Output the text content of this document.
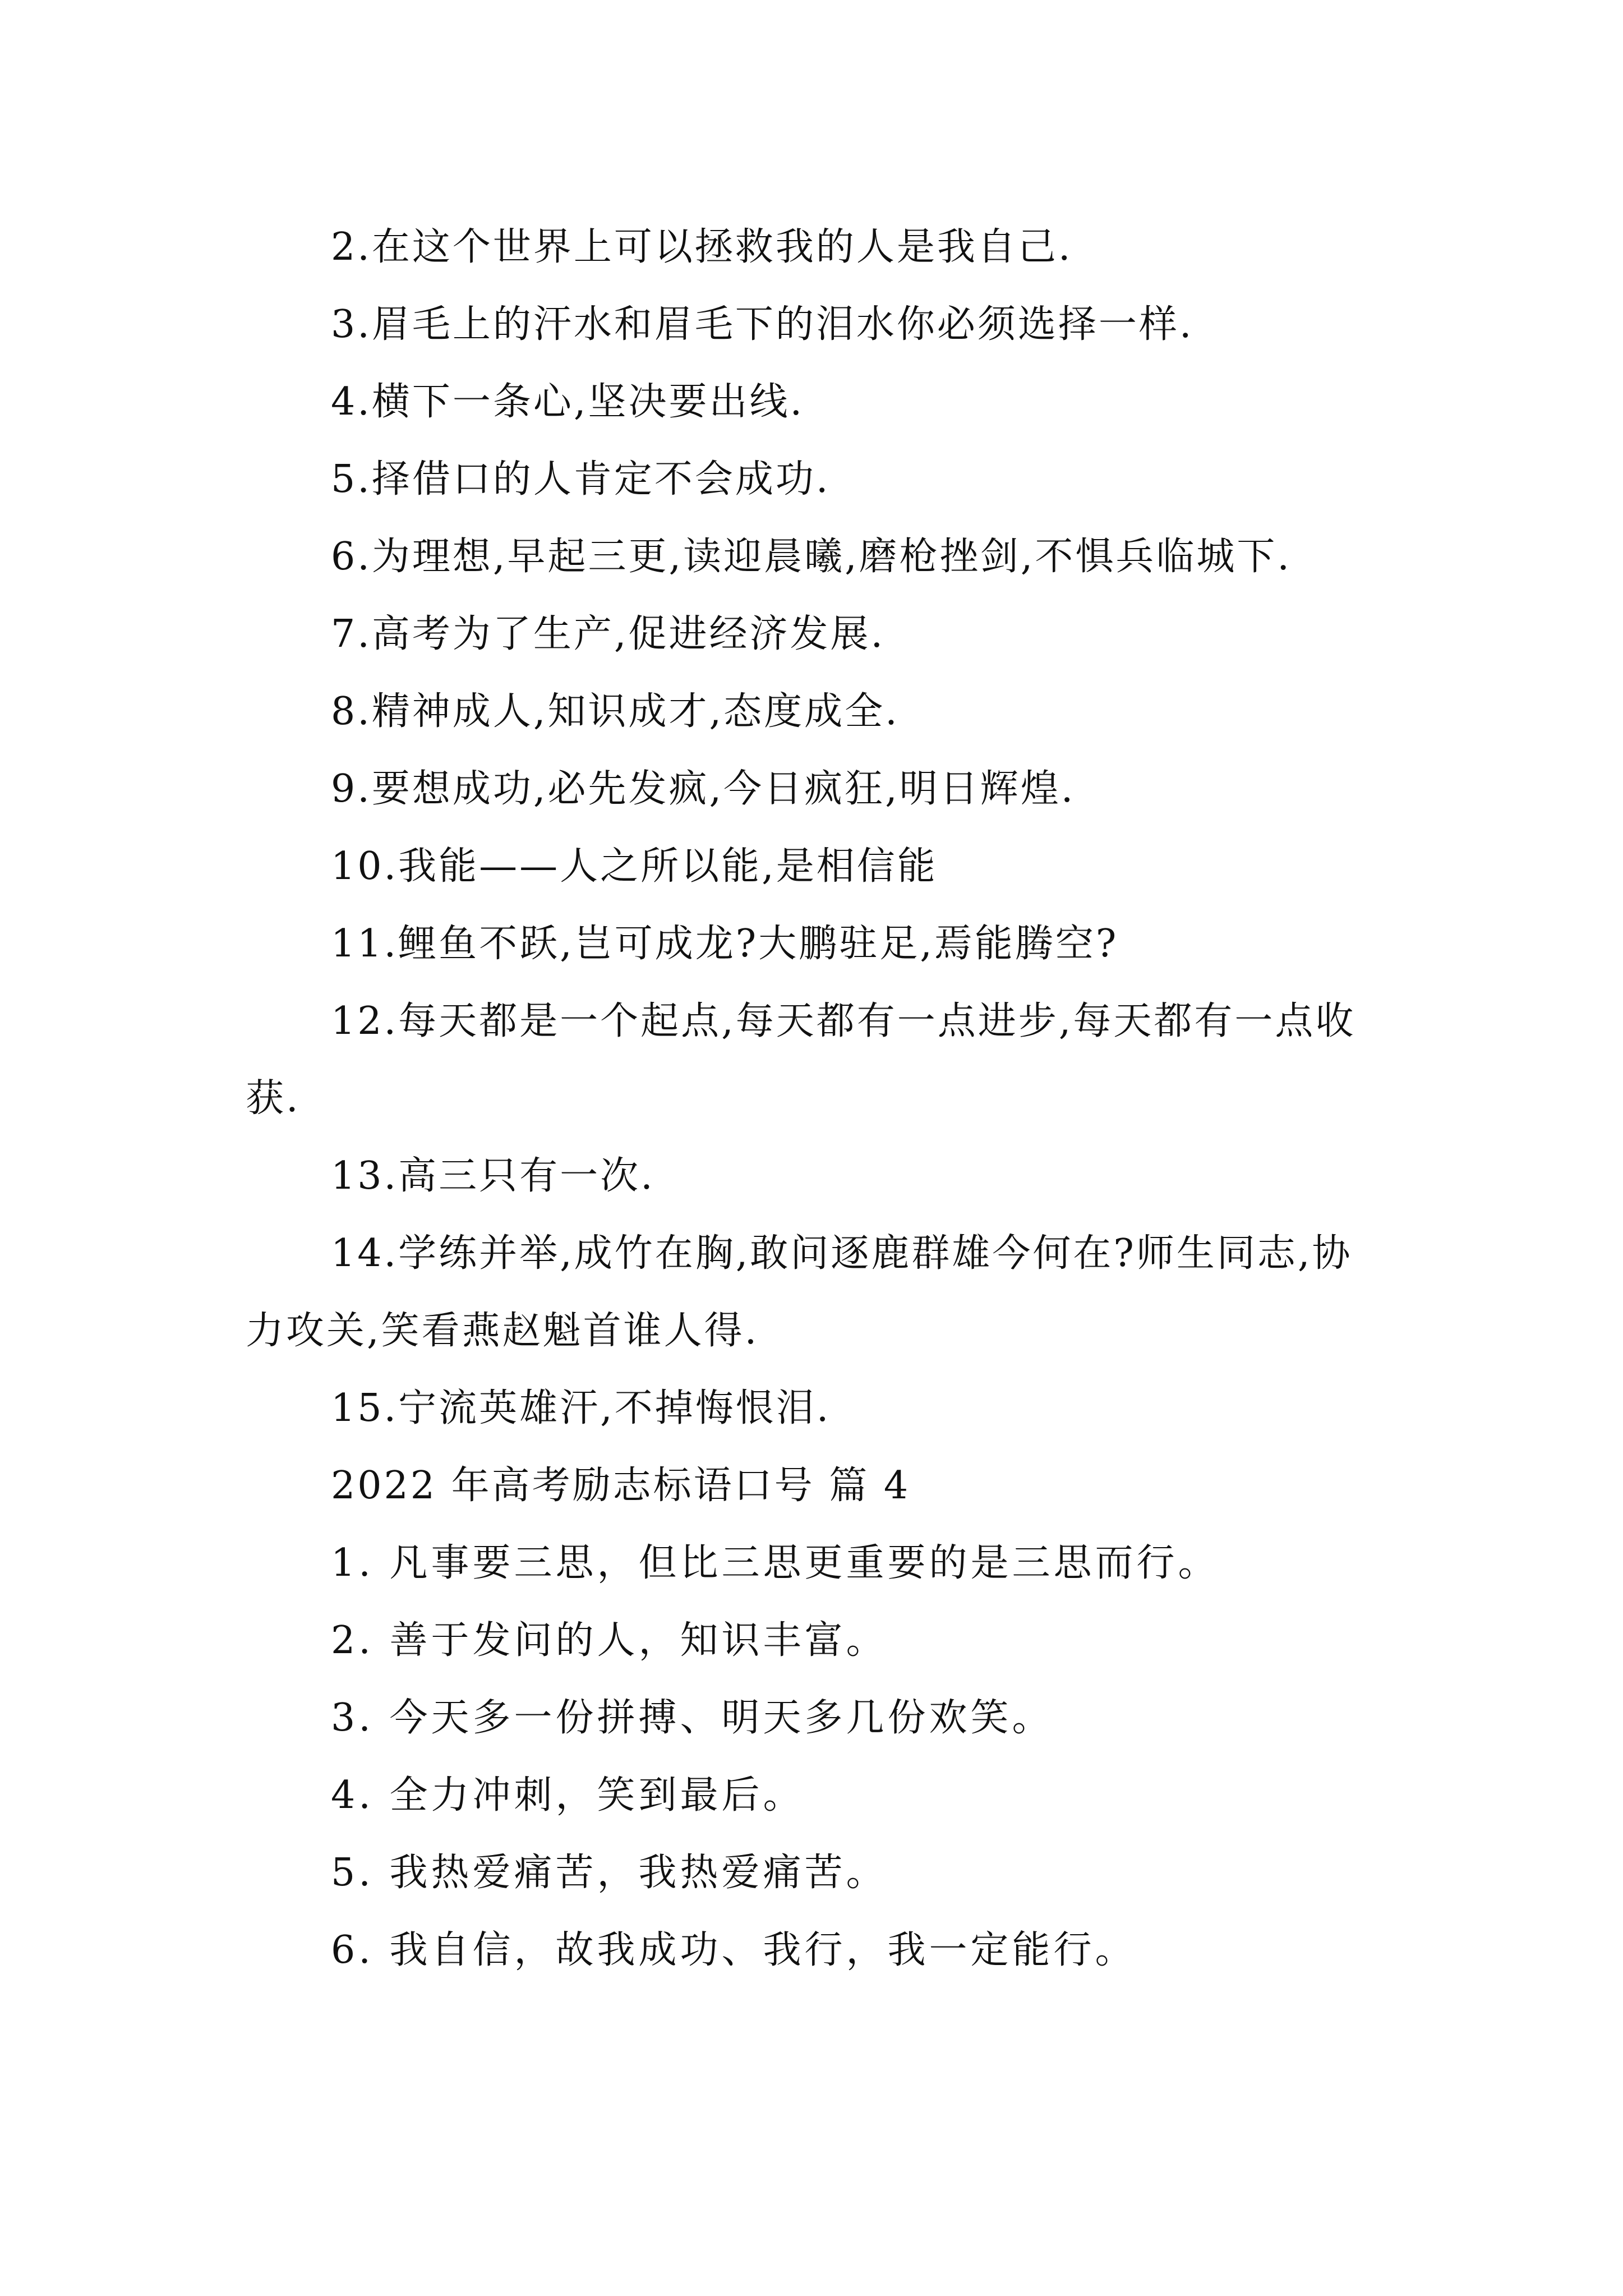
2.在这个世界上可以拯救我的人是我自己.

3.眉毛上的汗水和眉毛下的泪水你必须选择一样.

4.横下一条心,坚决要出线.

5.择借口的人肯定不会成功.

6.为理想,早起三更,读迎晨曦,磨枪挫剑,不惧兵临城下.

7.高考为了生产,促进经济发展.

8.精神成人,知识成才,态度成全.

9.要想成功,必先发疯,今日疯狂,明日辉煌.

10.我能——人之所以能,是相信能

11.鲤鱼不跃,岂可成龙?大鹏驻足,焉能腾空?

12.每天都是一个起点,每天都有一点进步,每天都有一点收获.

13.高三只有一次.

14.学练并举,成竹在胸,敢问逐鹿群雄今何在?师生同志,协力攻关,笑看燕赵魁首谁人得.

15.宁流英雄汗,不掉悔恨泪.

2022 年高考励志标语口号 篇 4

1. 凡事要三思，但比三思更重要的是三思而行。

2. 善于发问的人，知识丰富。

3. 今天多一份拼搏、明天多几份欢笑。

4. 全力冲刺，笑到最后。

5. 我热爱痛苦，我热爱痛苦。

6. 我自信，故我成功、我行，我一定能行。
